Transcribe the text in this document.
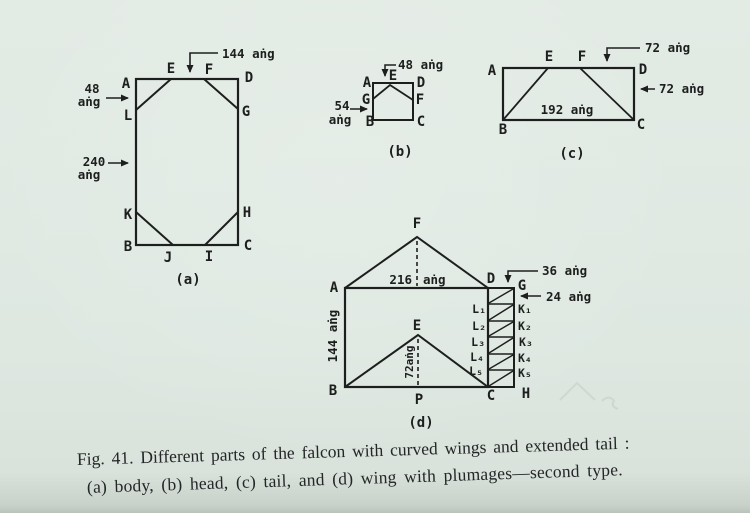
A
E F D
L	G
K	H
B	C
J I
144 aṅg
48
aṅg
240
aṅg
(a)
A E D
G	F
B	C
48 aṅg
54
aṅg
(b)
A
E F
D
B	C
192 aṅg
72 aṅg
72 aṅg
(c)
F
A
D G
E
B
P	C H
216 aṅg
144 aṅg	72aṅg
36 aṅg
24 aṅg
L₁
L₂
L₃
L₄
L₅
K₁
K₂
K₃
K₄
K₅
(d)
Fig. 41. Different parts of the falcon with curved wings and extended tail :
(a) body, (b) head, (c) tail, and (d) wing with plumages—second type.
